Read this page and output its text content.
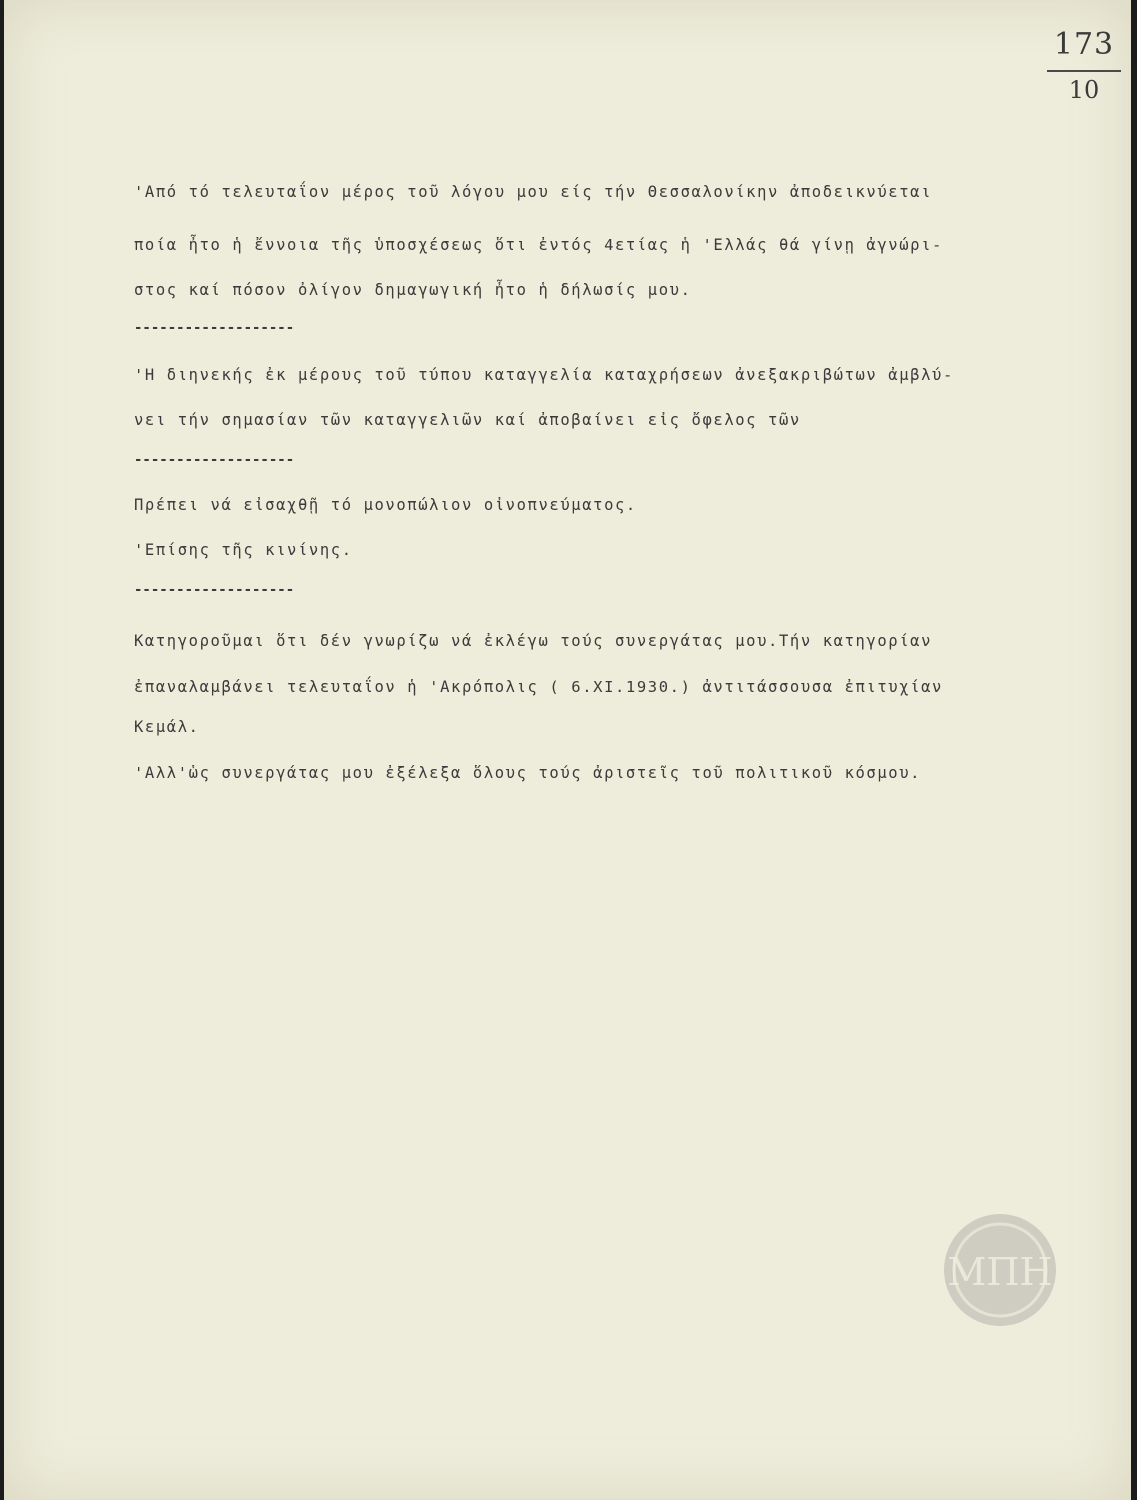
173
10
'Από τό τελευταΐον μέρος τοῦ λόγου μου είς τήν Θεσσαλονίκην ἀποδεικνύεται
ποία ἦτο ἡ ἔννοια τῆς ὑποσχέσεως ὅτι ἐντός 4ετίας ἡ 'Ελλάς θά γίνῃ ἀγνώρι-
στος καί πόσον ὀλίγον δημαγωγική ἦτο ἡ δήλωσίς μου.
-------------------
'Η διηνεκής ἐκ μέρους τοῦ τύπου καταγγελία καταχρήσεων ἀνεξακριβώτων ἀμβλύ-
νει τήν σημασίαν τῶν καταγγελιῶν καί ἀποβαίνει εἰς ὄφελος τῶν
-------------------
Πρέπει νά εἰσαχθῇ τό μονοπώλιον οἰνοπνεύματος.
'Επίσης τῆς κινίνης.
-------------------
Κατηγοροῦμαι ὅτι δέν γνωρίζω νά ἐκλέγω τούς συνεργάτας μου.Τήν κατηγορίαν
ἐπαναλαμβάνει τελευταΐον ἡ 'Ακρόπολις ( 6.XI.1930.) ἀντιτάσσουσα ἐπιτυχίαν
Κεμάλ.
'Αλλ'ὡς συνεργάτας μου ἐξέλεξα ὅλους τούς ἀριστεῖς τοῦ πολιτικοῦ κόσμου.
ΜΠΗ
